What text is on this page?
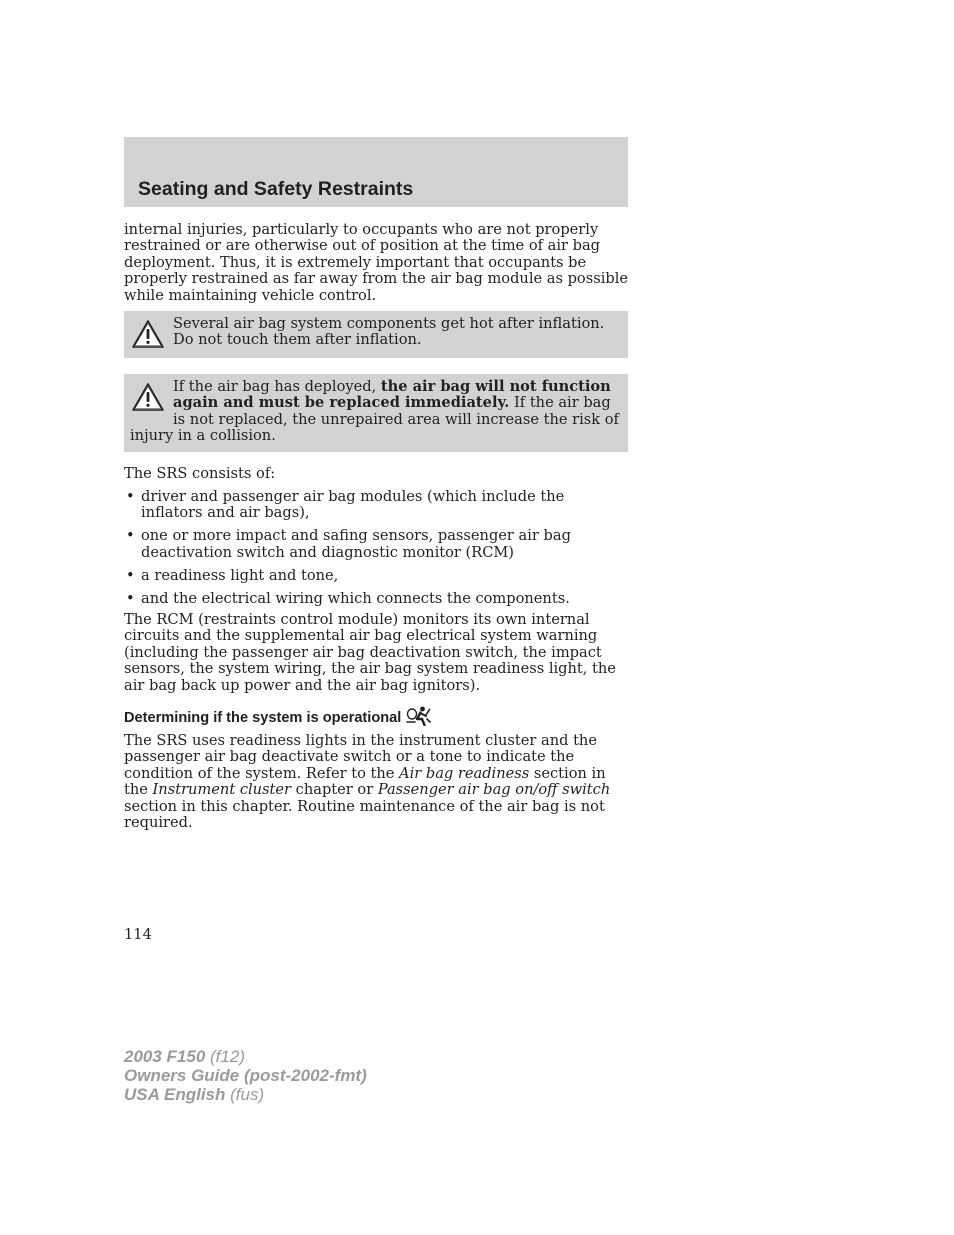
Seating and Safety Restraints

internal injuries, particularly to occupants who are not properly restrained or are otherwise out of position at the time of air bag deployment. Thus, it is extremely important that occupants be properly restrained as far away from the air bag module as possible while maintaining vehicle control.

Several air bag system components get hot after inflation. Do not touch them after inflation.
If the air bag has deployed, the air bag will not function again and must be replaced immediately. If the air bag is not replaced, the unrepaired area will increase the risk of injury in a collision.

The SRS consists of:

• driver and passenger air bag modules (which include the inflators and air bags),
• one or more impact and safing sensors, passenger air bag deactivation switch and diagnostic monitor (RCM)
• a readiness light and tone,
• and the electrical wiring which connects the components.

The RCM (restraints control module) monitors its own internal circuits and the supplemental air bag electrical system warning (including the passenger air bag deactivation switch, the impact sensors, the system wiring, the air bag system readiness light, the air bag back up power and the air bag ignitors).

Determining if the system is operational

The SRS uses readiness lights in the instrument cluster and the passenger air bag deactivate switch or a tone to indicate the condition of the system. Refer to the Air bag readiness section in the Instrument cluster chapter or Passenger air bag on/off switch section in this chapter. Routine maintenance of the air bag is not required.

114
2003 F150 (f12)
Owners Guide (post-2002-fmt)
USA English (fus)
